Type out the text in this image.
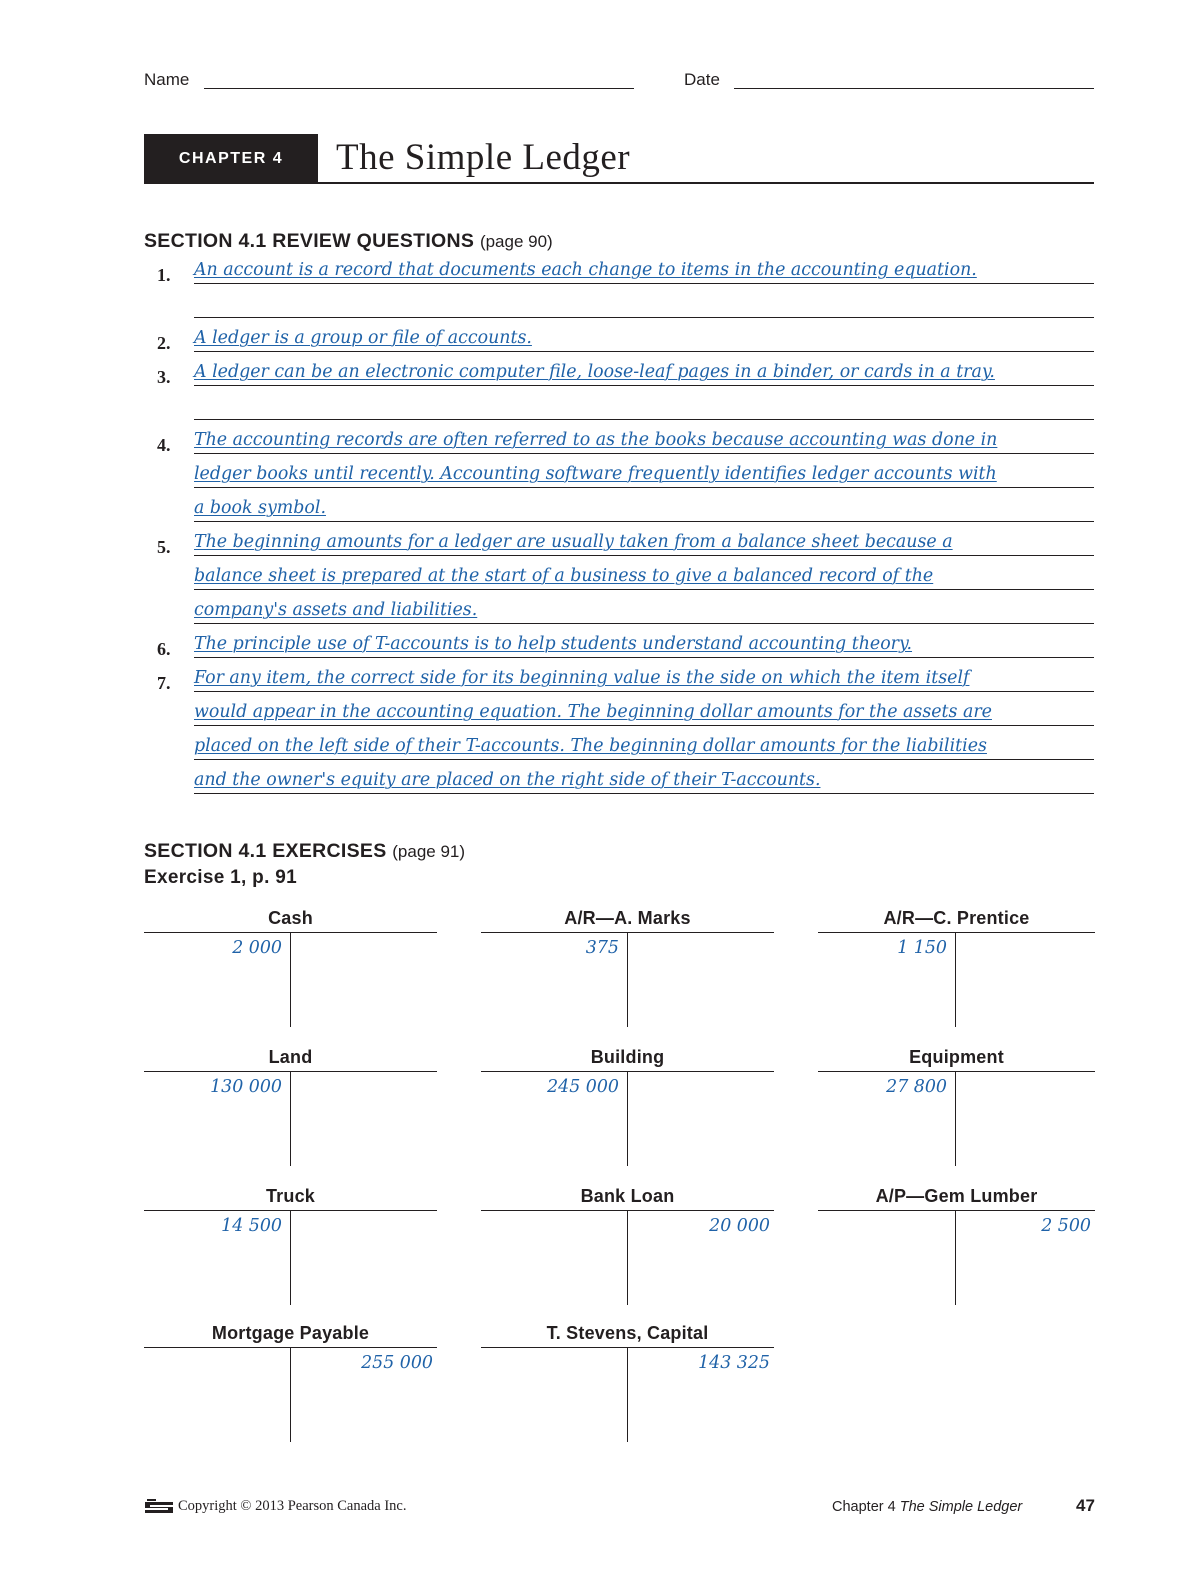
Name	Date
CHAPTER 4	The Simple Ledger
SECTION 4.1 REVIEW QUESTIONS (page 90)
1.	An account is a record that documents each change to items in the accounting equation.
2.	A ledger is a group or file of accounts.
3.	A ledger can be an electronic computer file, loose-leaf pages in a binder, or cards in a tray.
4.	The accounting records are often referred to as the books because accounting was done in
ledger books until recently. Accounting software frequently identifies ledger accounts with
a book symbol.
5.	The beginning amounts for a ledger are usually taken from a balance sheet because a
balance sheet is prepared at the start of a business to give a balanced record of the
company's assets and liabilities.
6.	The principle use of T-accounts is to help students understand accounting theory.
7.	For any item, the correct side for its beginning value is the side on which the item itself
would appear in the accounting equation. The beginning dollar amounts for the assets are
placed on the left side of their T-accounts. The beginning dollar amounts for the liabilities
and the owner's equity are placed on the right side of their T-accounts.
SECTION 4.1 EXERCISES (page 91)
Exercise 1, p. 91
Cash
2 000
A/R—A. Marks
375
A/R—C. Prentice
1 150
Land
130 000
Building
245 000
Equipment
27 800
Truck
14 500
Bank Loan
20 000
A/P—Gem Lumber
2 500
Mortgage Payable
255 000
T. Stevens, Capital
143 325
Copyright © 2013 Pearson Canada Inc.	Chapter 4 The Simple Ledger	47
